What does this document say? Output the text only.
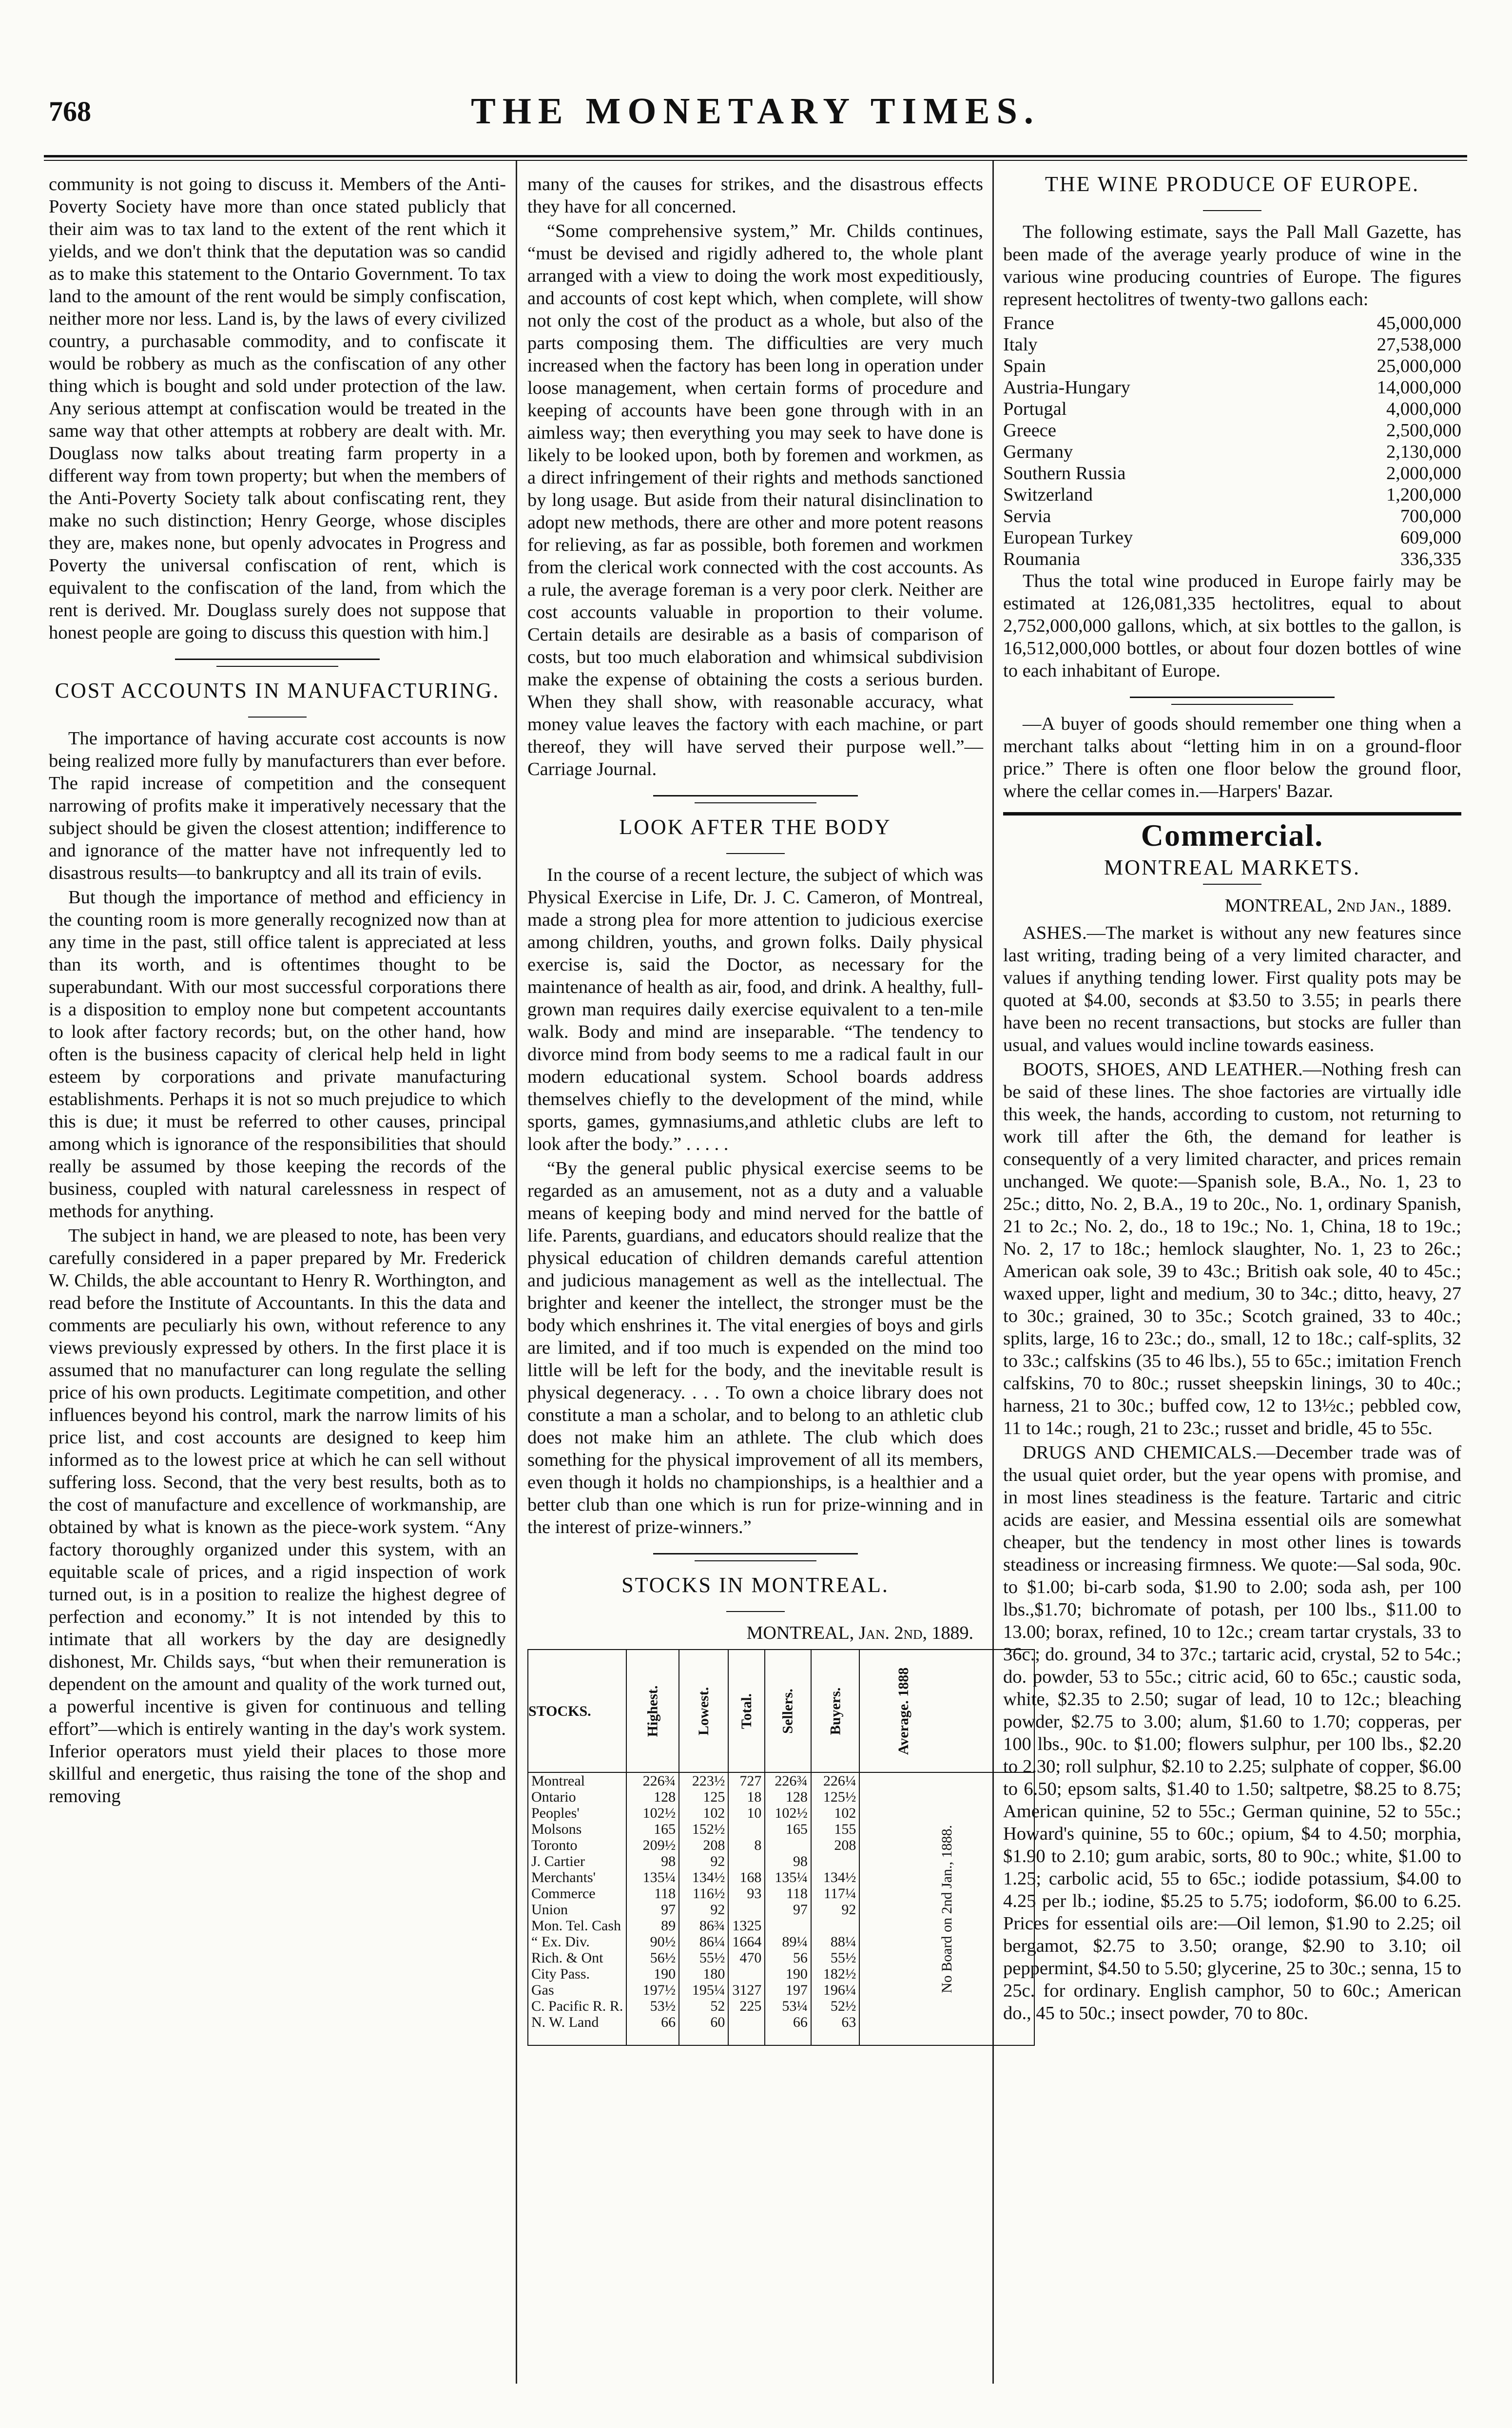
768	THE MONETARY TIMES.

community is not going to discuss it. Members of the Anti-Poverty Society have more than once stated publicly that their aim was to tax land to the extent of the rent which it yields, and we don't think that the deputation was so candid as to make this statement to the Ontario Government. To tax land to the amount of the rent would be simply confiscation, neither more nor less. Land is, by the laws of every civilized country, a purchasable commodity, and to confiscate it would be robbery as much as the confiscation of any other thing which is bought and sold under protection of the law. Any serious attempt at confiscation would be treated in the same way that other attempts at robbery are dealt with. Mr. Douglass now talks about treating farm property in a different way from town property; but when the members of the Anti-Poverty Society talk about confiscating rent, they make no such distinction; Henry George, whose disciples they are, makes none, but openly advocates in Progress and Poverty the universal confiscation of rent, which is equivalent to the confiscation of the land, from which the rent is derived. Mr. Douglass surely does not suppose that honest people are going to discuss this question with him.]

COST ACCOUNTS IN MANUFACTURING.

The importance of having accurate cost accounts is now being realized more fully by manufacturers than ever before. The rapid increase of competition and the consequent narrowing of profits make it imperatively necessary that the subject should be given the closest attention; indifference to and ignorance of the matter have not infrequently led to disastrous results—to bankruptcy and all its train of evils.

But though the importance of method and efficiency in the counting room is more generally recognized now than at any time in the past, still office talent is appreciated at less than its worth, and is oftentimes thought to be superabundant. With our most successful corporations there is a disposition to employ none but competent accountants to look after factory records; but, on the other hand, how often is the business capacity of clerical help held in light esteem by corporations and private manufacturing establishments. Perhaps it is not so much prejudice to which this is due; it must be referred to other causes, principal among which is ignorance of the responsibilities that should really be assumed by those keeping the records of the business, coupled with natural carelessness in respect of methods for anything.

The subject in hand, we are pleased to note, has been very carefully considered in a paper prepared by Mr. Frederick W. Childs, the able accountant to Henry R. Worthington, and read before the Institute of Accountants. In this the data and comments are peculiarly his own, without reference to any views previously expressed by others. In the first place it is assumed that no manufacturer can long regulate the selling price of his own products. Legitimate competition, and other influences beyond his control, mark the narrow limits of his price list, and cost accounts are designed to keep him informed as to the lowest price at which he can sell without suffering loss. Second, that the very best results, both as to the cost of manufacture and excellence of workmanship, are obtained by what is known as the piece-work system. “Any factory thoroughly organized under this system, with an equitable scale of prices, and a rigid inspection of work turned out, is in a position to realize the highest degree of perfection and economy.” It is not intended by this to intimate that all workers by the day are designedly dishonest, Mr. Childs says, “but when their remuneration is dependent on the amount and quality of the work turned out, a powerful incentive is given for continuous and telling effort”—which is entirely wanting in the day's work system. Inferior operators must yield their places to those more skillful and energetic, thus raising the tone of the shop and removing

many of the causes for strikes, and the disastrous effects they have for all concerned.

“Some comprehensive system,” Mr. Childs continues, “must be devised and rigidly adhered to, the whole plant arranged with a view to doing the work most expeditiously, and accounts of cost kept which, when complete, will show not only the cost of the product as a whole, but also of the parts composing them. The difficulties are very much increased when the factory has been long in operation under loose management, when certain forms of procedure and keeping of accounts have been gone through with in an aimless way; then everything you may seek to have done is likely to be looked upon, both by foremen and workmen, as a direct infringement of their rights and methods sanctioned by long usage. But aside from their natural disinclination to adopt new methods, there are other and more potent reasons for relieving, as far as possible, both foremen and workmen from the clerical work connected with the cost accounts. As a rule, the average foreman is a very poor clerk. Neither are cost accounts valuable in proportion to their volume. Certain details are desirable as a basis of comparison of costs, but too much elaboration and whimsical subdivision make the expense of obtaining the costs a serious burden. When they shall show, with reasonable accuracy, what money value leaves the factory with each machine, or part thereof, they will have served their purpose well.”—Carriage Journal.

LOOK AFTER THE BODY

In the course of a recent lecture, the subject of which was Physical Exercise in Life, Dr. J. C. Cameron, of Montreal, made a strong plea for more attention to judicious exercise among children, youths, and grown folks. Daily physical exercise is, said the Doctor, as necessary for the maintenance of health as air, food, and drink. A healthy, full-grown man requires daily exercise equivalent to a ten-mile walk. Body and mind are inseparable. “The tendency to divorce mind from body seems to me a radical fault in our modern educational system. School boards address themselves chiefly to the development of the mind, while sports, games, gymnasiums,and athletic clubs are left to look after the body.” . . . . .

“By the general public physical exercise seems to be regarded as an amusement, not as a duty and a valuable means of keeping body and mind nerved for the battle of life. Parents, guardians, and educators should realize that the physical education of children demands careful attention and judicious management as well as the intellectual. The brighter and keener the intellect, the stronger must be the body which enshrines it. The vital energies of boys and girls are limited, and if too much is expended on the mind too little will be left for the body, and the inevitable result is physical degeneracy. . . . To own a choice library does not constitute a man a scholar, and to belong to an athletic club does not make him an athlete. The club which does something for the physical improvement of all its members, even though it holds no championships, is a healthier and a better club than one which is run for prize-winning and in the interest of prize-winners.”

STOCKS IN MONTREAL.
MONTREAL, Jan. 2nd, 1889.
STOCKS.	Highest.	Lowest.	Total.	Sellers.	Buyers.	Average. 1888
Montreal	226¾	223½	727	226¾	226¼	No Board on 2nd Jan., 1888.
Ontario	128	125	18	128	125½	
Peoples'	102½	102	10	102½	102	
Molsons	165	152½		165	155	
Toronto	209½	208	8		208	
J. Cartier	98	92		98		
Merchants'	135¼	134½	168	135¼	134½	
Commerce	118	116½	93	118	117¼	
Union	97	92		97	92	
Mon. Tel. Cash	89	86¾	1325			
“ Ex. Div.	90½	86¼	1664	89¼	88¼	
Rich. & Ont	56½	55½	470	56	55½	
City Pass.	190	180		190	182½	
Gas	197½	195¼	3127	197	196¼	
C. Pacific R. R.	53½	52	225	53¼	52½	
N. W. Land	66	60		66	63	
THE WINE PRODUCE OF EUROPE.

The following estimate, says the Pall Mall Gazette, has been made of the average yearly produce of wine in the various wine producing countries of Europe. The figures represent hectolitres of twenty-two gallons each:

France	45,000,000
Italy	27,538,000
Spain	25,000,000
Austria-Hungary	14,000,000
Portugal	4,000,000
Greece	2,500,000
Germany	2,130,000
Southern Russia	2,000,000
Switzerland	1,200,000
Servia	700,000
European Turkey	609,000
Roumania	336,335

Thus the total wine produced in Europe fairly may be estimated at 126,081,335 hectolitres, equal to about 2,752,000,000 gallons, which, at six bottles to the gallon, is 16,512,000,000 bottles, or about four dozen bottles of wine to each inhabitant of Europe.

—A buyer of goods should remember one thing when a merchant talks about “letting him in on a ground-floor price.” There is often one floor below the ground floor, where the cellar comes in.—Harpers' Bazar.

Commercial.
MONTREAL MARKETS.
MONTREAL, 2nd Jan., 1889.

ASHES.—The market is without any new features since last writing, trading being of a very limited character, and values if anything tending lower. First quality pots may be quoted at $4.00, seconds at $3.50 to 3.55; in pearls there have been no recent transactions, but stocks are fuller than usual, and values would incline towards easiness.

BOOTS, SHOES, AND LEATHER.—Nothing fresh can be said of these lines. The shoe factories are virtually idle this week, the hands, according to custom, not returning to work till after the 6th, the demand for leather is consequently of a very limited character, and prices remain unchanged. We quote:—Spanish sole, B.A., No. 1, 23 to 25c.; ditto, No. 2, B.A., 19 to 20c., No. 1, ordinary Spanish, 21 to 2c.; No. 2, do., 18 to 19c.; No. 1, China, 18 to 19c.; No. 2, 17 to 18c.; hemlock slaughter, No. 1, 23 to 26c.; American oak sole, 39 to 43c.; British oak sole, 40 to 45c.; waxed upper, light and medium, 30 to 34c.; ditto, heavy, 27 to 30c.; grained, 30 to 35c.; Scotch grained, 33 to 40c.; splits, large, 16 to 23c.; do., small, 12 to 18c.; calf-splits, 32 to 33c.; calfskins (35 to 46 lbs.), 55 to 65c.; imitation French calfskins, 70 to 80c.; russet sheepskin linings, 30 to 40c.; harness, 21 to 30c.; buffed cow, 12 to 13½c.; pebbled cow, 11 to 14c.; rough, 21 to 23c.; russet and bridle, 45 to 55c.

DRUGS AND CHEMICALS.—December trade was of the usual quiet order, but the year opens with promise, and in most lines steadiness is the feature. Tartaric and citric acids are easier, and Messina essential oils are somewhat cheaper, but the tendency in most other lines is towards steadiness or increasing firmness. We quote:—Sal soda, 90c. to $1.00; bi-carb soda, $1.90 to 2.00; soda ash, per 100 lbs.,$1.70; bichromate of potash, per 100 lbs., $11.00 to 13.00; borax, refined, 10 to 12c.; cream tartar crystals, 33 to 36c.; do. ground, 34 to 37c.; tartaric acid, crystal, 52 to 54c.; do. powder, 53 to 55c.; citric acid, 60 to 65c.; caustic soda, white, $2.35 to 2.50; sugar of lead, 10 to 12c.; bleaching powder, $2.75 to 3.00; alum, $1.60 to 1.70; copperas, per 100 lbs., 90c. to $1.00; flowers sulphur, per 100 lbs., $2.20 to 2.30; roll sulphur, $2.10 to 2.25; sulphate of copper, $6.00 to 6.50; epsom salts, $1.40 to 1.50; saltpetre, $8.25 to 8.75; American quinine, 52 to 55c.; German quinine, 52 to 55c.; Howard's quinine, 55 to 60c.; opium, $4 to 4.50; morphia, $1.90 to 2.10; gum arabic, sorts, 80 to 90c.; white, $1.00 to 1.25; carbolic acid, 55 to 65c.; iodide potassium, $4.00 to 4.25 per lb.; iodine, $5.25 to 5.75; iodoform, $6.00 to 6.25. Prices for essential oils are:—Oil lemon, $1.90 to 2.25; oil bergamot, $2.75 to 3.50; orange, $2.90 to 3.10; oil peppermint, $4.50 to 5.50; glycerine, 25 to 30c.; senna, 15 to 25c. for ordinary. English camphor, 50 to 60c.; American do., 45 to 50c.; insect powder, 70 to 80c.
